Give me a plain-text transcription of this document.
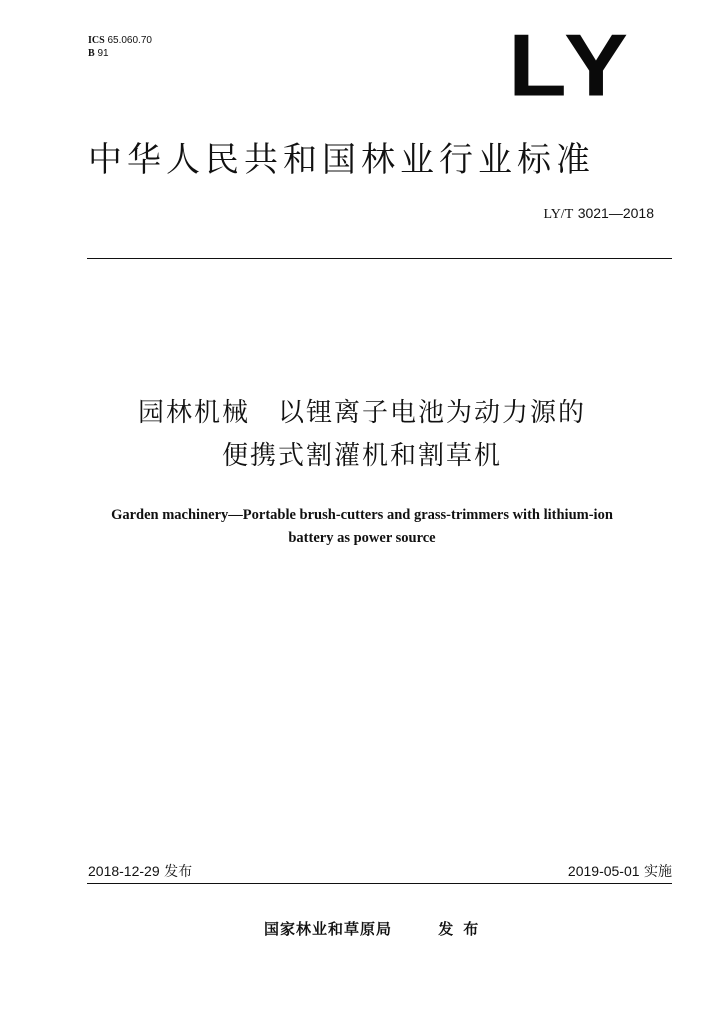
ICS 65.060.70
B 91	LY
中华人民共和国林业行业标准
LY/T 3021—2018
园林机械 以锂离子电池为动力源的
便携式割灌机和割草机
Garden machinery—Portable brush-cutters and grass-trimmers with lithium-ion
battery as power source
2018-12-29 发布	2019-05-01 实施
国家林业和草原局	发布
